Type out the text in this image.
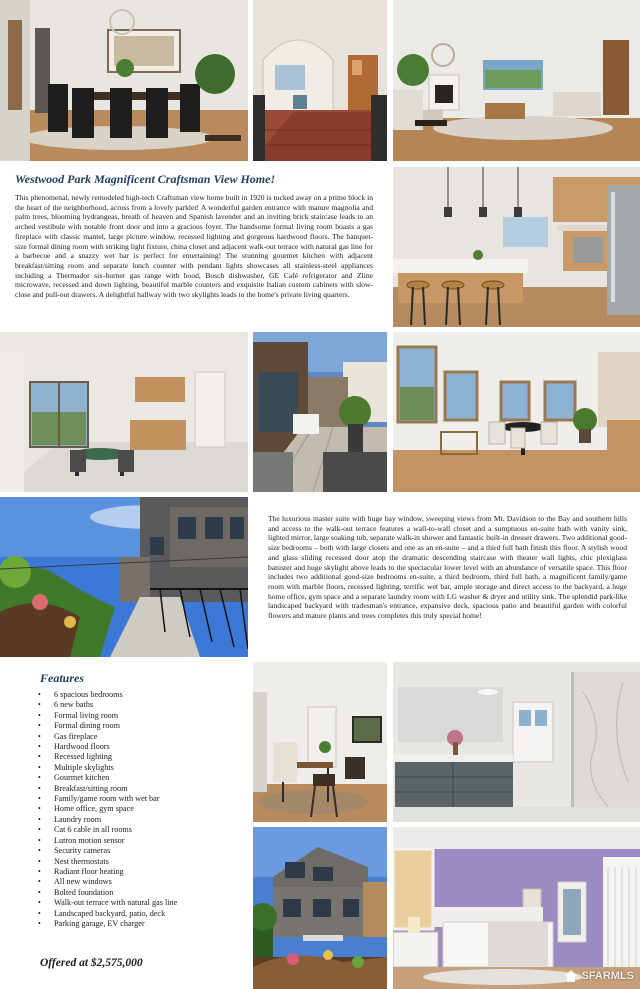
Westwood Park Magnificent Craftsman View Home!

This phenomenal, newly remodeled high-tech Craftsman view home built in 1920 is tucked away on a prime block in the heart of the neighborhood, across from a lovely parklet! A wonderful garden entrance with mature magnolia and palm trees, blooming hydrangeas, breath of heaven and Spanish lavender and an inviting brick staircase leads to an arched vestibule with notable front door and into a gracious foyer. The handsome formal living room boasts a gas fireplace with classic mantel, large picture window, recessed lighting and gorgeous hardwood floors. The banquet-size formal dining room with striking light fixture, china closet and adjacent walk-out terrace with natural gas line for a barbecue and a snazzy wet bar is perfect for entertaining! The stunning gourmet kitchen with adjacent breakfast/sitting room and separate lunch counter with pendant lights showcases all stainless-steel appliances including a Thermador six-burner gas range with hood, Bosch dishwasher, GE Café refrigerator and Zline microwave, recessed and down lighting, beautiful marble counters and exquisite Italian custom cabinets with slow-close and pull-out drawers. A delightful hallway with two skylights leads to the home's private living quarters.

The luxurious master suite with huge bay window, sweeping views from Mt. Davidson to the Bay and southern hills and access to the walk-out terrace features a wall-to-wall closet and a sumptuous en-suite bath with vanity sink, lighted mirror, large soaking tub, separate walk-in shower and fantastic built-in dresser drawers. Two additional good-size bedrooms – both with large closets and one as an en-suite – and a third full bath finish this floor. A stylish wood and glass sliding recessed door atop the dramatic descending staircase with theater wall lights, chic plexiglass banister and huge skylight above leads to the spectacular lower level with an abundance of versatile space. This floor includes two additional good-size bedrooms en-suite, a third bedroom, third full bath, a magnificent family/game room with marble floors, recessed lighting, terrific wet bar, ample storage and direct access to the backyard, a huge home office, gym space and a separate laundry room with LG washer & dryer and utility sink. The splendid park-like landscaped backyard with tradesman's entrance, expansive deck, spacious patio and beautiful garden with colorful flowers and mature plants and trees completes this truly special home!

Features
•	6 spacious bedrooms
•	6 new baths
•	Formal living room
•	Formal dining room
•	Gas fireplace
•	Hardwood floors
•	Recessed lighting
•	Multiple skylights
•	Gourmet kitchen
•	Breakfast/sitting room
•	Family/game room with wet bar
•	Home office, gym space
•	Laundry room
•	Cat 6 cable in all rooms
•	Lutron motion sensor
•	Security cameras
•	Nest thermostats
•	Radiant floor heating
•	All new windows
•	Bolted foundation
•	Walk-out terrace with natural gas line
•	Landscaped backyard, patio, deck
•	Parking garage, EV charger
Offered at $2,575,000
SFARMLS
